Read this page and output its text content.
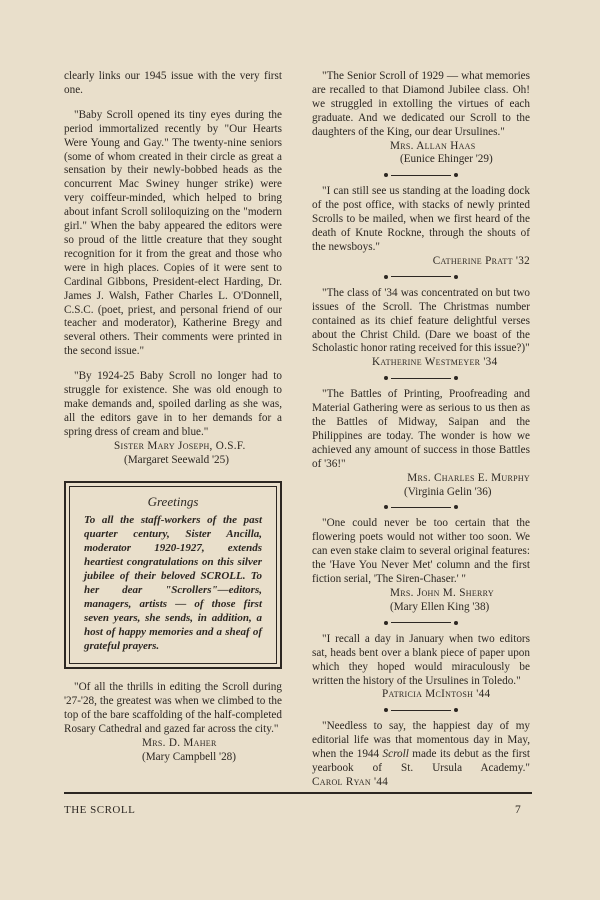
clearly links our 1945 issue with the very first one.

"Baby Scroll opened its tiny eyes during the period immortalized recently by "Our Hearts Were Young and Gay." The twenty-nine seniors (some of whom created in their circle as great a sensation by their newly-bobbed heads as the concurrent Mac Swiney hunger strike) were very coiffeur-minded, which helped to bring about infant Scroll soliloquizing on the "modern girl." When the baby appeared the editors were so proud of the little creature that they sought recognition for it from the great and those who were in high places. Copies of it were sent to Cardinal Gibbons, President-elect Harding, Dr. James J. Walsh, Father Charles L. O'Donnell, C.S.C. (poet, priest, and personal friend of our teacher and moderator), Katherine Bregy and several others. Their comments were printed in the second issue."

"By 1924-25 Baby Scroll no longer had to struggle for existence. She was old enough to make demands and, spoiled darling as she was, all the editors gave in to her demands for a spring dress of cream and blue."

Sister Mary Joseph, O.S.F.

(Margaret Seewald '25)

Greetings
To all the staff-workers of the past quarter century, Sister Ancilla, moderator 1920-1927, extends heartiest congratulations on this silver jubilee of their beloved SCROLL. To her dear "Scrollers"—editors, managers, artists — of those first seven years, she sends, in addition, a host of happy memories and a sheaf of grateful prayers.

"Of all the thrills in editing the Scroll during '27-'28, the greatest was when we climbed to the top of the bare scaffolding of the half-completed Rosary Cathedral and gazed far across the city."

Mrs. D. Maher

(Mary Campbell '28)

"The Senior Scroll of 1929 — what memories are recalled to that Diamond Jubilee class. Oh! we struggled in extolling the virtues of each graduate. And we dedicated our Scroll to the daughters of the King, our dear Ursulines."

Mrs. Allan Haas

(Eunice Ehinger '29)

"I can still see us standing at the loading dock of the post office, with stacks of newly printed Scrolls to be mailed, when we first heard of the death of Knute Rockne, through the shouts of the newsboys."

Catherine Pratt '32

"The class of '34 was concentrated on but two issues of the Scroll. The Christmas number contained as its chief feature delightful verses about the Christ Child. (Dare we boast of the Scholastic honor rating received for this issue?)"

Katherine Westmeyer '34

"The Battles of Printing, Proofreading and Material Gathering were as serious to us then as the Battles of Midway, Saipan and the Philippines are today. The wonder is how we achieved any amount of success in those Battles of '36!"

Mrs. Charles E. Murphy

(Virginia Gelin '36)

"One could never be too certain that the flowering poets would not wither too soon. We can even stake claim to several original features: the 'Have You Never Met' column and the first fiction serial, 'The Siren-Chaser.' "

Mrs. John M. Sherry

(Mary Ellen King '38)

"I recall a day in January when two editors sat, heads bent over a blank piece of paper upon which they hoped would miraculously be written the history of the Ursulines in Toledo."

Patricia McIntosh '44

"Needless to say, the happiest day of my editorial life was that momentous day in May, when the 1944 Scroll made its debut as the first yearbook of St. Ursula Academy." Carol Ryan '44

THE SCROLL	7
